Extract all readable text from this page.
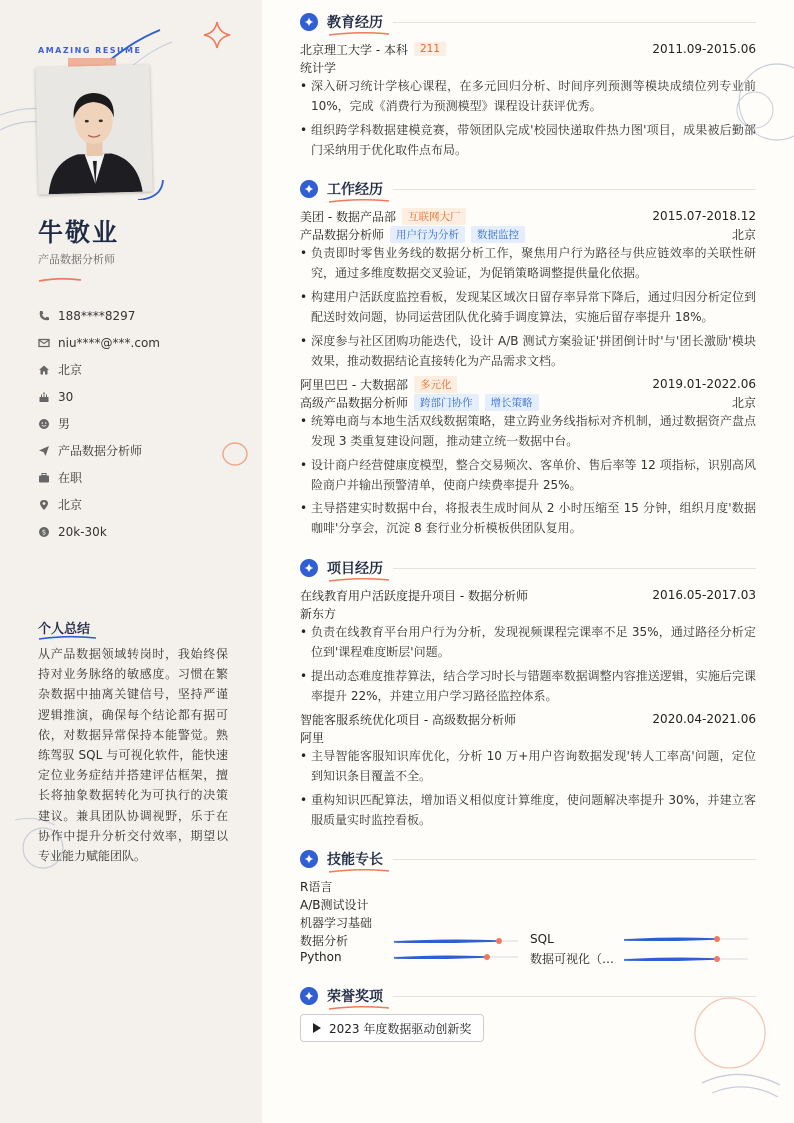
AMAZING RESUME
牛敬业
产品数据分析师
188****8297
niu****@***.com
北京
30
男
产品数据分析师
在职
北京
$ 20k-30k
个人总结
从产品数据领域转岗时，我始终保持对业务脉络的敏感度。习惯在繁杂数据中抽离关键信号，坚持严谨逻辑推演，确保每个结论都有据可依，对数据异常保持本能警觉。熟练驾驭 SQL 与可视化软件，能快速定位业务症结并搭建评估框架，擅长将抽象数据转化为可执行的决策建议。兼具团队协调视野，乐于在协作中提升分析交付效率，期望以专业能力赋能团队。
教育经历
北京理工大学 - 本科	211	2011.09-2015.06
统计学
• 深入研习统计学核心课程，在多元回归分析、时间序列预测等模块成绩位列专业前 10%，完成《消费行为预测模型》课程设计获评优秀。
• 组织跨学科数据建模竞赛，带领团队完成'校园快递取件热力图'项目，成果被后勤部门采纳用于优化取件点布局。
工作经历
美团 - 数据产品部	互联网大厂	2015.07-2018.12
产品数据分析师	用户行为分析	数据监控	北京
• 负责即时零售业务线的数据分析工作，聚焦用户行为路径与供应链效率的关联性研究，通过多维度数据交叉验证，为促销策略调整提供量化依据。
• 构建用户活跃度监控看板，发现某区域次日留存率异常下降后，通过归因分析定位到配送时效问题，协同运营团队优化骑手调度算法，实施后留存率提升 18%。
• 深度参与社区团购功能迭代，设计 A/B 测试方案验证'拼团倒计时'与'团长激励'模块效果，推动数据结论直接转化为产品需求文档。
阿里巴巴 - 大数据部	多元化	2019.01-2022.06
高级产品数据分析师	跨部门协作	增长策略	北京
• 统筹电商与本地生活双线数据策略，建立跨业务线指标对齐机制，通过数据资产盘点发现 3 类重复建设问题，推动建立统一数据中台。
• 设计商户经营健康度模型，整合交易频次、客单价、售后率等 12 项指标，识别高风险商户并输出预警清单，使商户续费率提升 25%。
• 主导搭建实时数据中台，将报表生成时间从 2 小时压缩至 15 分钟，组织月度'数据咖啡'分享会，沉淀 8 套行业分析模板供团队复用。
项目经历
在线教育用户活跃度提升项目 - 数据分析师	2016.05-2017.03
新东方
• 负责在线教育平台用户行为分析，发现视频课程完课率不足 35%，通过路径分析定位到'课程难度断层'问题。
• 提出动态难度推荐算法，结合学习时长与错题率数据调整内容推送逻辑，实施后完课率提升 22%，并建立用户学习路径监控体系。
智能客服系统优化项目 - 高级数据分析师	2020.04-2021.06
阿里
• 主导智能客服知识库优化，分析 10 万+用户咨询数据发现'转人工率高'问题，定位到知识条目覆盖不全。
• 重构知识匹配算法，增加语义相似度计算维度，使问题解决率提升 30%，并建立客服质量实时监控看板。
技能专长
R语言
A/B测试设计
机器学习基础
数据分析	SQL
Python	数据可视化（…
荣誉奖项
2023 年度数据驱动创新奖
